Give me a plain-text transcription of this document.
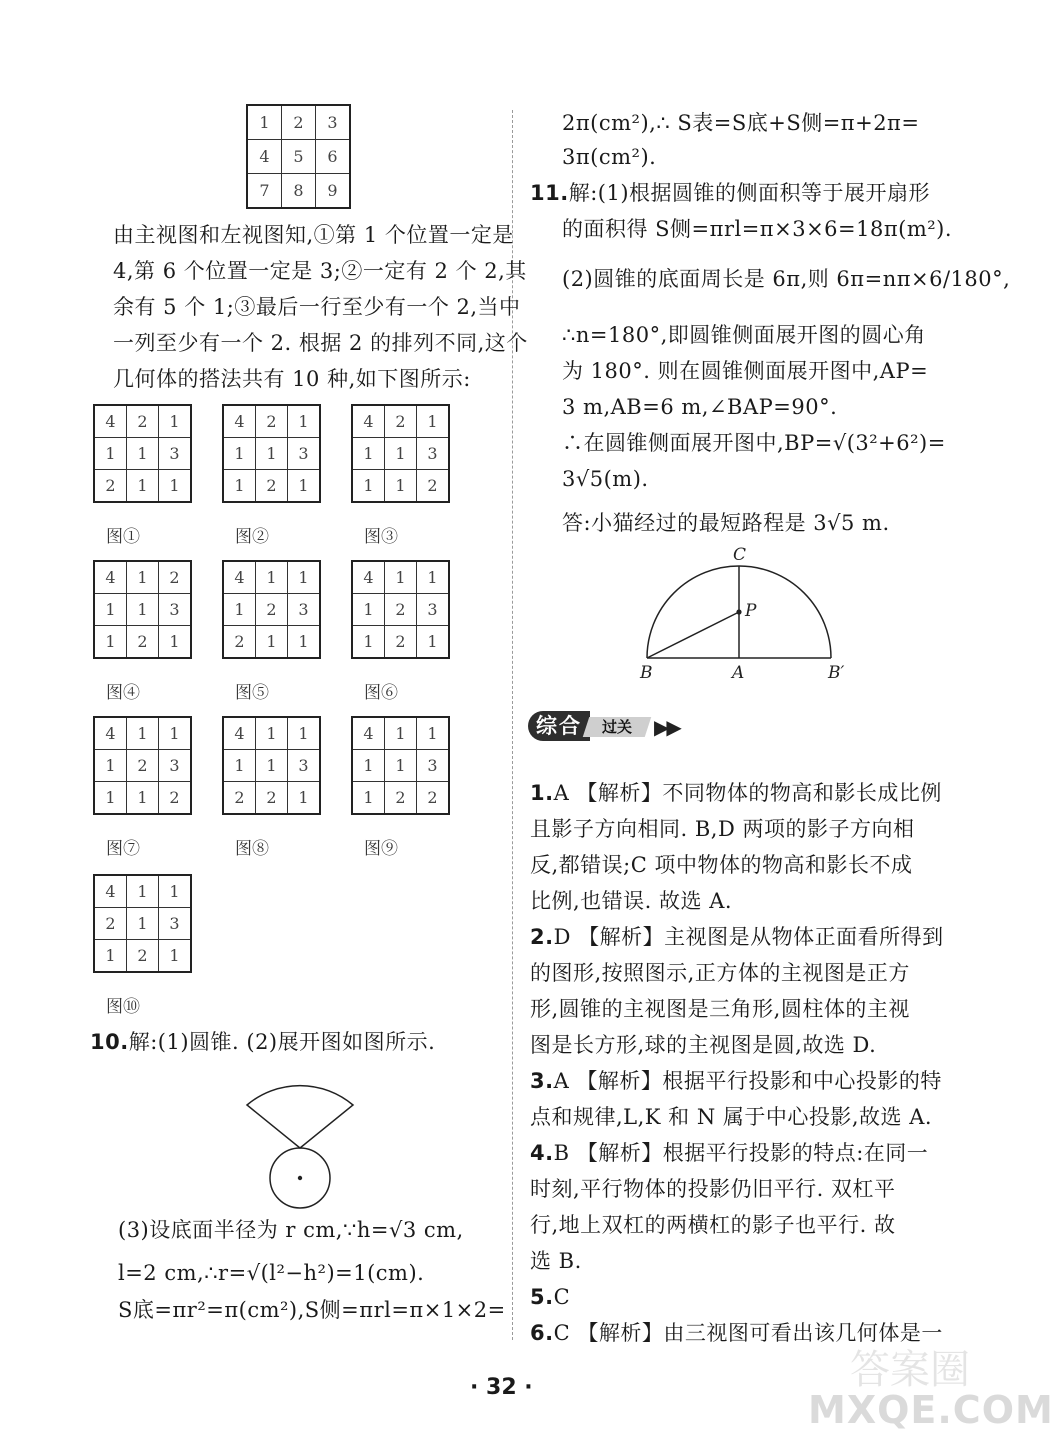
1	2	3
4	5	6
7	8	9
由主视图和左视图知,①第 1 个位置一定是
4,第 6 个位置一定是 3;②一定有 2 个 2,其
余有 5 个 1;③最后一行至少有一个 2,当中
一列至少有一个 2. 根据 2 的排列不同,这个
几何体的搭法共有 10 种,如下图所示:
4	2	1
1	1	3
2	1	1
图①
4	2	1
1	1	3
1	2	1
图②
4	2	1
1	1	3
1	1	2
图③
4	1	2
1	1	3
1	2	1
图④
4	1	1
1	2	3
2	1	1
图⑤
4	1	1
1	2	3
1	2	1
图⑥
4	1	1
1	2	3
1	1	2
图⑦
4	1	1
1	1	3
2	2	1
图⑧
4	1	1
1	1	3
1	2	2
图⑨
4	1	1
2	1	3
1	2	1
图⑩
10.解:(1)圆锥. (2)展开图如图所示.
(3)设底面半径为 r cm,∵h=√3 cm,
l=2 cm,∴r=√(l²−h²)=1(cm).
S底=πr²=π(cm²),S侧=πrl=π×1×2=
2π(cm²),∴ S表=S底+S侧=π+2π=
3π(cm²).
11.解:(1)根据圆锥的侧面积等于展开扇形
的面积得 S侧=πrl=π×3×6=18π(m²).
(2)圆锥的底面周长是 6π,则 6π=nπ×6/180°,
∴n=180°,即圆锥侧面展开图的圆心角
为 180°. 则在圆锥侧面展开图中,AP=
3 m,AB=6 m,∠BAP=90°.
∴在圆锥侧面展开图中,BP=√(3²+6²)=
3√5(m).
答:小猫经过的最短路程是 3√5 m.
C
P
B	A	B′
综合	过关	▶▶
1.A 【解析】不同物体的物高和影长成比例
且影子方向相同. B,D 两项的影子方向相
反,都错误;C 项中物体的物高和影长不成
比例,也错误. 故选 A.
2.D 【解析】主视图是从物体正面看所得到
的图形,按照图示,正方体的主视图是正方
形,圆锥的主视图是三角形,圆柱体的主视
图是长方形,球的主视图是圆,故选 D.
3.A 【解析】根据平行投影和中心投影的特
点和规律,L,K 和 N 属于中心投影,故选 A.
4.B 【解析】根据平行投影的特点:在同一
时刻,平行物体的投影仍旧平行. 双杠平
行,地上双杠的两横杠的影子也平行. 故
选 B.
5.C
6.C 【解析】由三视图可看出该几何体是一
· 32 ·	答案圈
MXQE.COM
